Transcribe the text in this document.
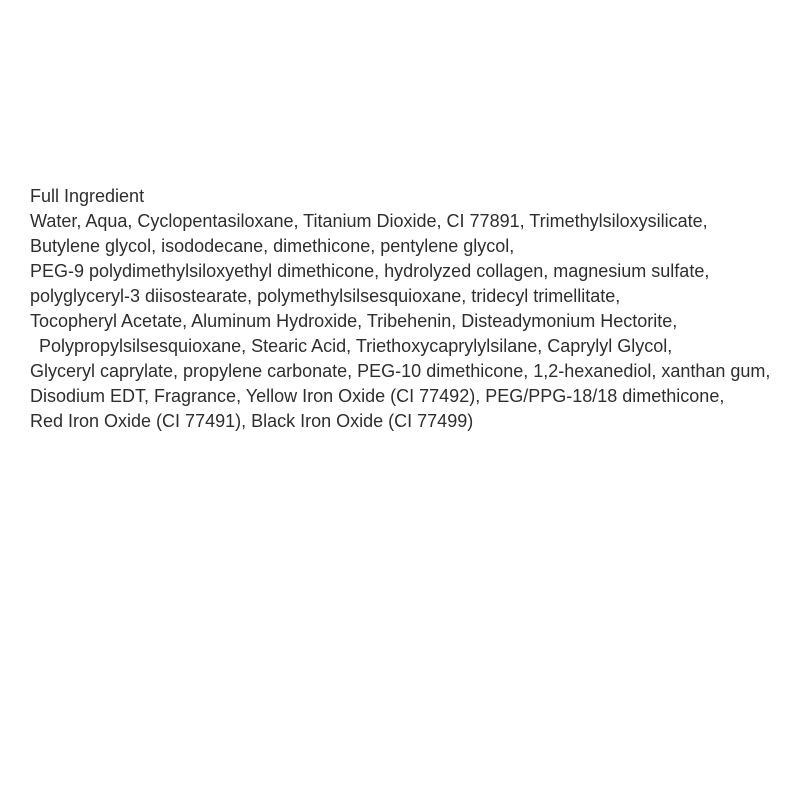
Full Ingredient
Water, Aqua, Cyclopentasiloxane, Titanium Dioxide, CI 77891, Trimethylsiloxysilicate,
Butylene glycol, isododecane, dimethicone, pentylene glycol,
PEG-9 polydimethylsiloxyethyl dimethicone, hydrolyzed collagen, magnesium sulfate,
polyglyceryl-3 diisostearate, polymethylsilsesquioxane, tridecyl trimellitate,
Tocopheryl Acetate, Aluminum Hydroxide, Tribehenin, Disteadymonium Hectorite,
Polypropylsilsesquioxane, Stearic Acid, Triethoxycaprylylsilane, Caprylyl Glycol,
Glyceryl caprylate, propylene carbonate, PEG-10 dimethicone, 1,2-hexanediol, xanthan gum,
Disodium EDT, Fragrance, Yellow Iron Oxide (CI 77492), PEG/PPG-18/18 dimethicone,
Red Iron Oxide (CI 77491), Black Iron Oxide (CI 77499)
